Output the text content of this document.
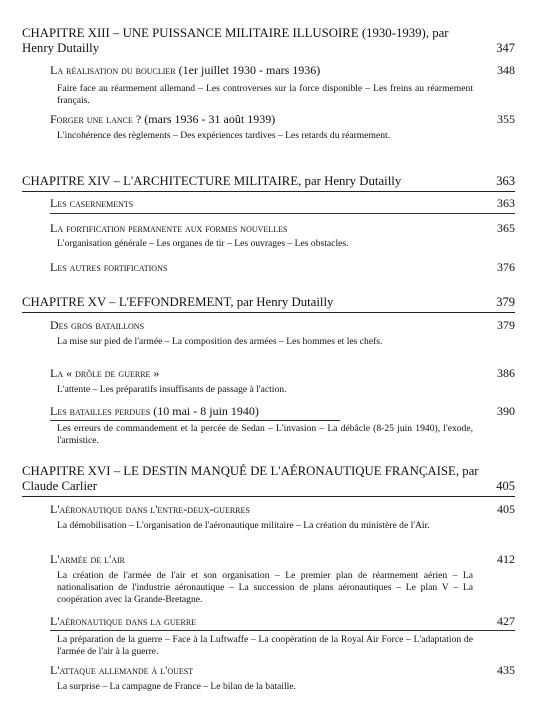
CHAPITRE XIII – UNE PUISSANCE MILITAIRE ILLUSOIRE (1930-1939), par Henry Dutailly	347
La réalisation du bouclier (1er juillet 1930 - mars 1936)	348
Faire face au réarmement allemand – Les controverses sur la force disponible – Les freins au réarmement français.
Forger une lance ? (mars 1936 - 31 août 1939)	355
L'incohérence des règlements – Des expériences tardives – Les retards du réarmement.
CHAPITRE XIV – L'ARCHITECTURE MILITAIRE, par Henry Dutailly	363
Les casernements	363
La fortification permanente aux formes nouvelles	365
L'organisation générale – Les organes de tir – Les ouvrages – Les obstacles.
Les autres fortifications	376
CHAPITRE XV – L'EFFONDREMENT, par Henry Dutailly	379
Des gros bataillons	379
La mise sur pied de l'armée – La composition des armées – Les hommes et les chefs.
La « drôle de guerre »	386
L'attente – Les préparatifs insuffisants de passage à l'action.
Les batailles perdues (10 mai - 8 juin 1940)	390
Les erreurs de commandement et la percée de Sedan – L'invasion – La débâcle (8-25 juin 1940), l'exode, l'armistice.
CHAPITRE XVI – LE DESTIN MANQUÉ DE L'AÉRONAUTIQUE FRANÇAISE, par Claude Carlier	405
L'aéronautique dans l'entre-deux-guerres	405
La démobilisation – L'organisation de l'aéronautique militaire – La création du ministère de l'Air.
L'armée de l'air	412
La création de l'armée de l'air et son organisation – Le premier plan de réarmement aérien – La nationalisation de l'industrie aéronautique – La succession de plans aéronautiques – Le plan V – La coopération avec la Grande-Bretagne.
L'aéronautique dans la guerre	427
La préparation de la guerre – Face à la Luftwaffe – La coopération de la Royal Air Force – L'adaptation de l'armée de l'air à la guerre.
L'attaque allemande à l'ouest	435
La surprise – La campagne de France – Le bilan de la bataille.
